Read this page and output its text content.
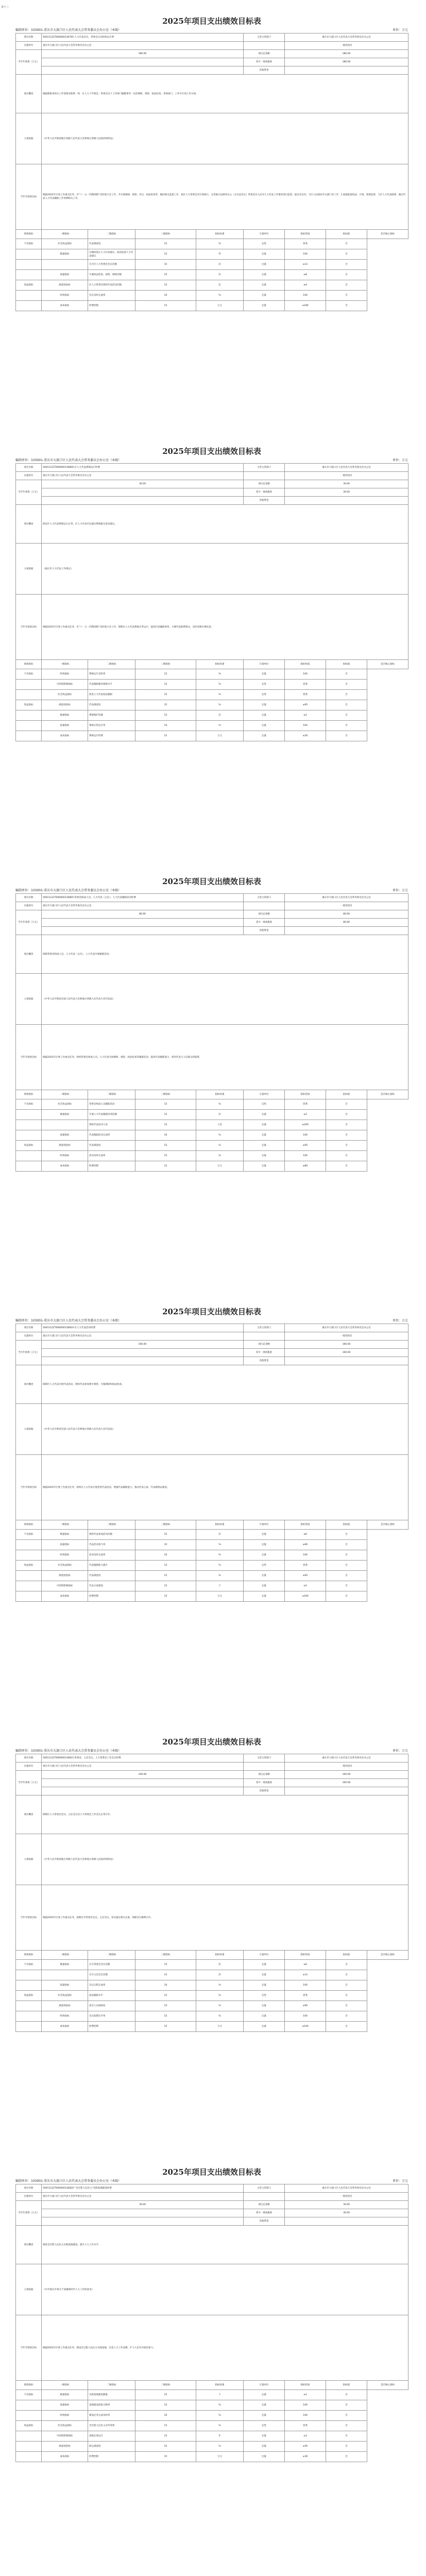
表十三
2025年项目支出绩效目标表
编制单位：103001-重庆市大渡口区人民代表大会常务委员会办公室（本级）	单位：万元
项目名称	50011122T000000130795-人大代表会议，常委会议及机构运行费				主管主管部门	重庆市大渡口区人民代表大会常务委员会办公室		
实施单位	重庆市大渡口区人民代表大会常务委员会办公室					一般性项目		
当年年预算（万元）	180.00				项目总金额	180.00		
					其中：财政拨款	180.00		
					其他资金			
项目概述	根据新版本时后工作需要对联系一体：区人大十年程会、常委会以下工作部门履履事务一定的调研、视察、执法检查，常委部门，工作中计项工作分项，							
立项依据	《中华人民共和国地方各级人民代表大会和地方各级人民政府组织法》							
当年年绩效目标	根据2025年区委工作重点任务，区“十一五一四然网络”及时间大会工作，共开展调研，视察，评议，执法检查等，做好相关监督工作，加区人大常委会对计划执行，完善地方法规等办公（五位法会议）常委会办人民对人大代表工作情况进行监督、提出会员对，与区人民政府有关部门更工作：1.加强监督执法，计划、预算监督，与区人大代表联系，做实代表人大代表履职工作各种相关工作。							
绩效指标	一级指标	二级指标	三级指标	指标权重	计量单位	指标性质	指标值	是否核心指标
产出指标	社会效益指标	代表满意度	15	%	定性	优秀	否	
	数量指标	办理回复区人大代表建议，政府监督人大代表建议	15	件	定量	100	否	
		召开区人大常委会会议次数	15	次	定量	≥12	否	
	质量指标	开展执法检查、视察、调研次数	15	次	定量	≥8	否	
效益指标	满意度指标	区人大常委会组织代表活动次数	15	次	定量	≥4	否	
	时效指标	会议及时完成率	10	%	定量	100	否	
	成本指标	经费控制	15	万元	定量	≤180	否	
2025年项目支出绩效目标表
编制单位：103001-重庆市大渡口区人民代表大会常务委员会办公室（本级）	单位：万元
项目名称	50011122T000000130800-区人大代表系统运行经费				主管主管部门	重庆市大渡口区人民代表大会常务委员会办公室		
实施单位	重庆市大渡口区人民代表大会常务委员会办公室					一般性项目		
当年年预算（万元）	30.00				项目总金额	30.00		
					其中：财政拨款	30.00		
					其他资金			
项目概述	保证区人大代表系统运行正常，区人大代表可以通过系统提交意见建议。							
立项依据	《重庆市人大代表工作规定》							
当年年绩效目标	根据2025年区委工作重点任务，区“十一五一四然网络”及时间大会工作，保障区人大代表系统正常运行，提高代表履职效率，方便代表联系群众，及时反映社情民意。							
绩效指标	一级指标	二级指标	三级指标	指标权重	计量单位	指标性质	指标值	是否核心指标
产出指标	时效指标	系统运行及时率	15	%	定量	100	否	
	可持续影响指标	代表履职服务保障水平	15	%	定性	优秀	否	
	社会效益指标	促进人大代表依法履职	15	%	定性	优秀	否	
效益指标	满意度指标	代表满意度	15	%	定量	≥95	否	
	数量指标	系统维护次数	15	次	定量	≥2	否	
	质量指标	系统正常运行率	10	%	定量	100	否	
	成本指标	系统运行经费	15	万元	定量	≤30	否	
2025年项目支出绩效目标表
编制单位：103001-重庆市大渡口区人民代表大会常务委员会办公室（本级）	单位：万元
项目名称	50011122T000000130805-常委会组成人员、人大代表（五位）、人大代表履职活动经费				主管主管部门	重庆市大渡口区人民代表大会常务委员会办公室		
实施单位	重庆市大渡口区人民代表大会常务委员会办公室					一般性项目		
当年年预算（万元）	80.00				项目总金额	80.00		
					其中：财政拨款	80.00		
					其他资金			
项目概述	保障常委会组成人员、人大代表（五位）、人大代表开展履职活动。							
立项依据	《中华人民共和国全国人民代表大会和地方各级人民代表大会代表法》							
当年年绩效目标	根据2025年区委工作重点任务，组织常委会组成人员、人大代表开展调研、视察、执法检查等履职活动，提高代表履职能力，密切代表与人民群众的联系。							
绩效指标	一级指标	二级指标	三级指标	指标权重	计量单位	指标性质	指标值	是否核心指标
产出指标	社会效益指标	常委会组成人员履职活动	15	%	定性	优秀	否	
	数量指标	开展人大代表履职培训次数	15	次	定量	≥2	否	
		组织代表活动人次	15	人次	定量	≥200	否	
	质量指标	代表履职活动完成率	10	%	定量	100	否	
效益指标	满意度指标	代表满意度	15	%	定量	≥95	否	
	时效指标	活动及时完成率	15	%	定量	100	否	
	成本指标	经费控制	15	万元	定量	≤80	否	
2025年项目支出绩效目标表
编制单位：103001-重庆市大渡口区人民代表大会常务委员会办公室（本级）	单位：万元
项目名称	50011122T000000130810-区人大代表活动经费				主管主管部门	重庆市大渡口区人民代表大会常务委员会办公室		
实施单位	重庆市大渡口区人民代表大会常务委员会办公室					一般性项目		
当年年预算（万元）	160.00				项目总金额	160.00		
					其中：财政拨款	160.00		
					其他资金			
项目概述	保障区人大代表开展代表活动，组织代表参加集中视察、专题调研和执法检查。							
立项依据	《中华人民共和国全国人民代表大会和地方各级人民代表大会代表法》							
当年年绩效目标	根据2025年区委工作重点任务，组织区人大代表开展各类代表活动，增强代表履职能力，推动代表之家、代表联络站建设。							
绩效指标	一级指标	二级指标	三级指标	指标权重	计量单位	指标性质	指标值	是否核心指标
产出指标	数量指标	组织代表参加活动次数	15	次	定量	≥6	否	
	质量指标	代表活动参与率	15	%	定量	≥90	否	
	时效指标	活动及时完成率	10	%	定量	100	否	
效益指标	社会效益指标	代表履职能力提升	15	%	定性	优秀	否	
	满意度指标	代表满意度	15	%	定量	≥95	否	
	可持续影响指标	代表之家建设	15	个	定量	≥5	否	
	成本指标	经费控制	15	万元	定量	≤160	否	
2025年项目支出绩效目标表
编制单位：103001-重庆市大渡口区人民代表大会常务委员会办公室（本级）	单位：万元
项目名称	50011122T000000130815-常委会，主任会议，人大常委会工作会议经费				主管主管部门	重庆市大渡口区人民代表大会常务委员会办公室		
实施单位	重庆市大渡口区人民代表大会常务委员会办公室					一般性项目		
当年年预算（万元）	100.00				项目总金额	100.00		
					其中：财政拨款	100.00		
					其他资金			
项目概述	保障区人大常委会会议、主任会议及人大常委会工作会议正常召开。							
立项依据	《中华人民共和国地方各级人民代表大会和地方各级人民政府组织法》							
当年年绩效目标	根据2025年区委工作重点任务，按期召开常委会会议、主任会议，审议通过相关议案，保障会议顺利召开。							
绩效指标	一级指标	二级指标	三级指标	指标权重	计量单位	指标性质	指标值	是否核心指标
产出指标	数量指标	召开常委会会议次数	15	次	定量	≥6	否	
		召开主任会议次数	15	次	定量	≥12	否	
	质量指标	会议议程完成率	10	%	定量	100	否	
效益指标	社会效益指标	依法履职水平	15	%	定性	优秀	否	
	满意度指标	参会人员满意度	15	%	定量	≥95	否	
	时效指标	会议按期召开率	15	%	定量	100	否	
	成本指标	经费控制	15	万元	定量	≤100	否	
2025年项目支出绩效目标表
编制单位：103001-重庆市大渡口区人民代表大会常务委员会办公室（本级）	单位：万元
项目名称	50011122T000000130820-“全过程人民民主”实践基地建设经费				主管主管部门	重庆市大渡口区人民代表大会常务委员会办公室		
实施单位	重庆市大渡口区人民代表大会常务委员会办公室					一般性项目		
当年年预算（万元）	30.00				项目总金额	30.00		
					其中：财政拨款	30.00		
					其他资金			
项目概述	推进全过程人民民主实践基地建设，提升人大工作水平。							
立项依据	《中共重庆市委关于加强新时代人大工作的意见》							
当年年绩效目标	根据2025年区委工作重点任务，建设全过程人民民主实践基地，打造人大工作品牌，扩大人民有序政治参与。							
绩效指标	一级指标	二级指标	三级指标	指标权重	计量单位	指标性质	指标值	是否核心指标
产出指标	数量指标	实践基地建设数量	15	个	定量	≥1	否	
	质量指标	基地建设验收合格率	15	%	定量	100	否	
	时效指标	建设任务完成及时率	10	%	定量	100	否	
效益指标	社会效益指标	全过程人民民主宣传效果	15	%	定性	优秀	否	
	可持续影响指标	基地长效运行	15	年	定量	≥3	否	
	满意度指标	群众满意度	15	%	定量	≥95	否	
	成本指标	经费控制	15	万元	定量	≤30	否	
